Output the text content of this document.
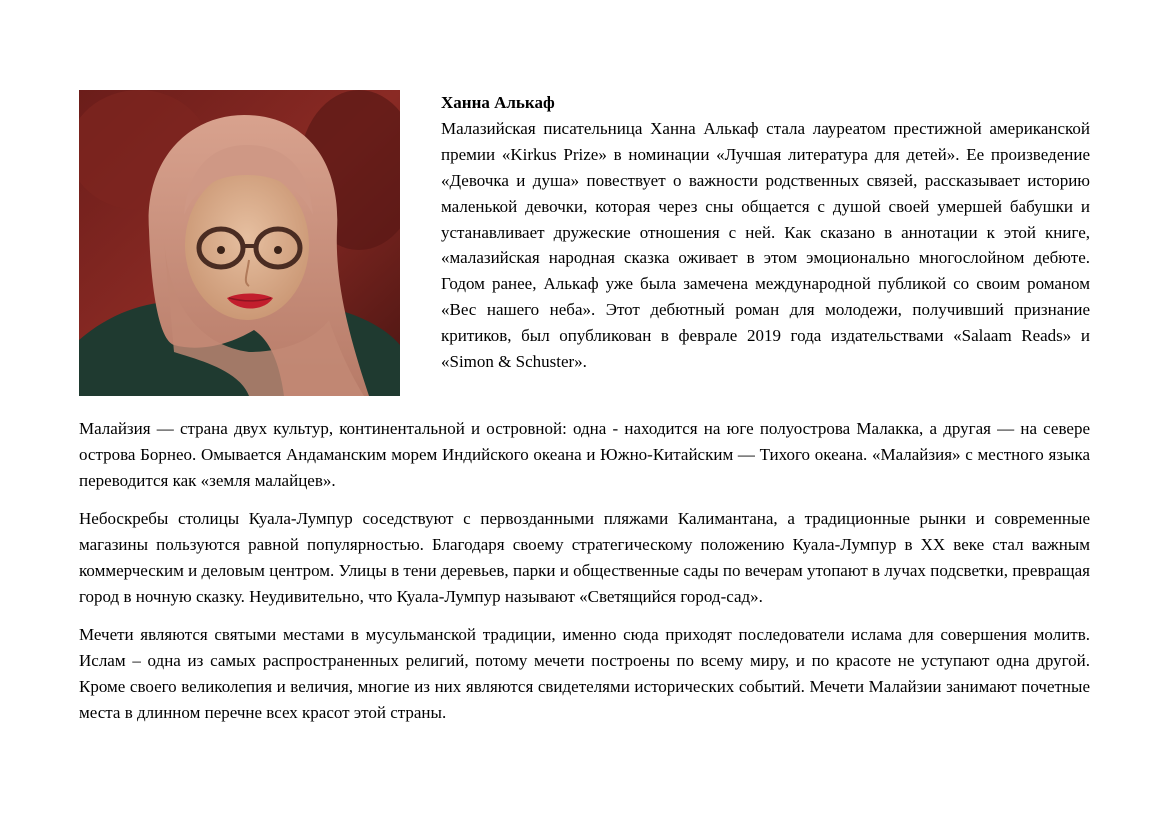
Ханна Алькаф

Малазийская писательница Ханна Алькаф стала лауреатом престижной американской премии «Kirkus Prize» в номинации «Лучшая литература для детей». Ее произведение «Девочка и душа» повествует о важности родственных связей, рассказывает историю маленькой девочки, которая через сны общается с душой своей умершей бабушки и устанавливает дружеские отношения с ней. Как сказано в аннотации к этой книге, «малазийская народная сказка оживает в этом эмоционально многослойном дебюте. Годом ранее, Алькаф уже была замечена международной публикой со своим романом «Вес нашего неба». Этот дебютный роман для молодежи, получивший признание критиков, был опубликован в феврале 2019 года издательствами «Salaam Reads» и «Simon & Schuster».

Малайзия — страна двух культур, континентальной и островной: одна - находится на юге полуострова Малакка, а другая — на севере острова Борнео. Омывается Андаманским морем Индийского океана и Южно-Китайским — Тихого океана. «Малайзия» с местного языка переводится как «земля малайцев».

Небоскребы столицы Куала-Лумпур соседствуют с первозданными пляжами Калимантана, а традиционные рынки и современные магазины пользуются равной популярностью. Благодаря своему стратегическому положению Куала-Лумпур в XX веке стал важным коммерческим и деловым центром. Улицы в тени деревьев, парки и общественные сады по вечерам утопают в лучах подсветки, превращая город в ночную сказку. Неудивительно, что Куала-Лумпур называют «Светящийся город-сад».

Мечети являются святыми местами в мусульманской традиции, именно сюда приходят последователи ислама для совершения молитв. Ислам – одна из самых распространенных религий, потому мечети построены по всему миру, и по красоте не уступают одна другой. Кроме своего великолепия и величия, многие из них являются свидетелями исторических событий. Мечети Малайзии занимают почетные места в длинном перечне всех красот этой страны.
